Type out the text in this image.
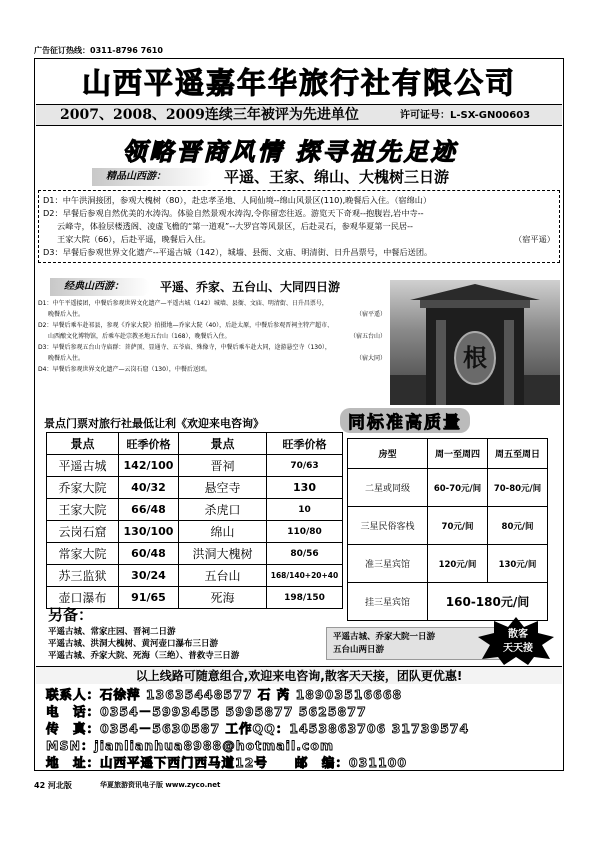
广告征订热线：0311-8796 7610
山西平遥嘉年华旅行社有限公司
2007、2008、2009连续三年被评为先进单位	许可证号：L-SX-GN00603
领略晋商风情 探寻祖先足迹
精品山西游：	平遥、王家、绵山、大槐树三日游
D1：中午洪洞接团，参观大槐树（80），赴忠孝圣地、人间仙境--绵山风景区(110),晚餐后入住。（宿绵山）
D2：早餐后参观自然优美的水涛沟。体验自然景观水涛沟,令你留恋往返。游览天下奇观--抱腹岩,岩中寺--
云峰寺，体验层楼透阁、凌虚飞檐的“第一道观”--大罗宫等风景区，后赴灵石，参观华夏第一民居--
王家大院（66），后赴平遥，晚餐后入住。	（宿平遥）
D3：早餐后参观世界文化遗产--平遥古城（142），城墙、县衙、文庙、明清街、日升昌票号，中餐后送团。
经典山西游：	平遥、乔家、五台山、大同四日游
D1：中午平遥接团，中餐后参观世界文化遗产—平遥古城（142）城墙、县衙、文庙、明清街、日升昌票号，
晚餐后入住。	（宿平遥）
D2：早餐后乘车赴祁县，参观《乔家大院》拍摄地—乔家大院（40），后赴太原，中餐后参观晋祠主特产超市、
山西酿文化博物馆，后乘车赴宗教圣地五台山（168），晚餐后入住。	（宿五台山）
D3：早餐后参观五台山寺庙群：菩萨顶、显通寺、五爷庙、殊像寺，中餐后乘车赴大同，途游悬空寺（130），
晚餐后入住。	（宿大同）
D4：早餐后参观世界文化遗产—云岗石窟（130），中餐后送团。	根
景点门票对旅行社最低让利《欢迎来电咨询》
景点	旺季价格	景点	旺季价格
平遥古城	142/100	晋祠	70/63
乔家大院	40/32	悬空寺	130
王家大院	66/48	杀虎口	10
云岗石窟	130/100	绵山	110/80
常家大院	60/48	洪洞大槐树	80/56
苏三监狱	30/24	五台山	168/140+20+40
壶口瀑布	91/65	死海	198/150
同标准高质量
房型	周一至周四	周五至周日
二星或同级	60-70元/间	70-80元/间
三星民俗客栈	70元/间	80元/间
准三星宾馆	120元/间	130元/间
挂三星宾馆	160-180元/间	
另备：
平遥古城、常家庄园、晋祠二日游
平遥古城、洪洞大槐树、黄河壶口瀑布三日游
平遥古城、乔家大院、死海（三绝）、普救寺三日游
平遥古城、乔家大院一日游
五台山两日游
散客
天天接
以上线路可随意组合,欢迎来电咨询,散客天天接，团队更优惠!
联系人：石徐萍 13635448577 石 芮 18903516668
电　话：0354－5993455 5995877 5625877
传　真：0354－5630587 工作QQ：1453863706 31739574
MSN：jianlianhua8988@hotmail.com
地　址：山西平遥下西门西马道12号　　邮　编：031100
42 河北版	华夏旅游资讯电子版 www.zyco.net
